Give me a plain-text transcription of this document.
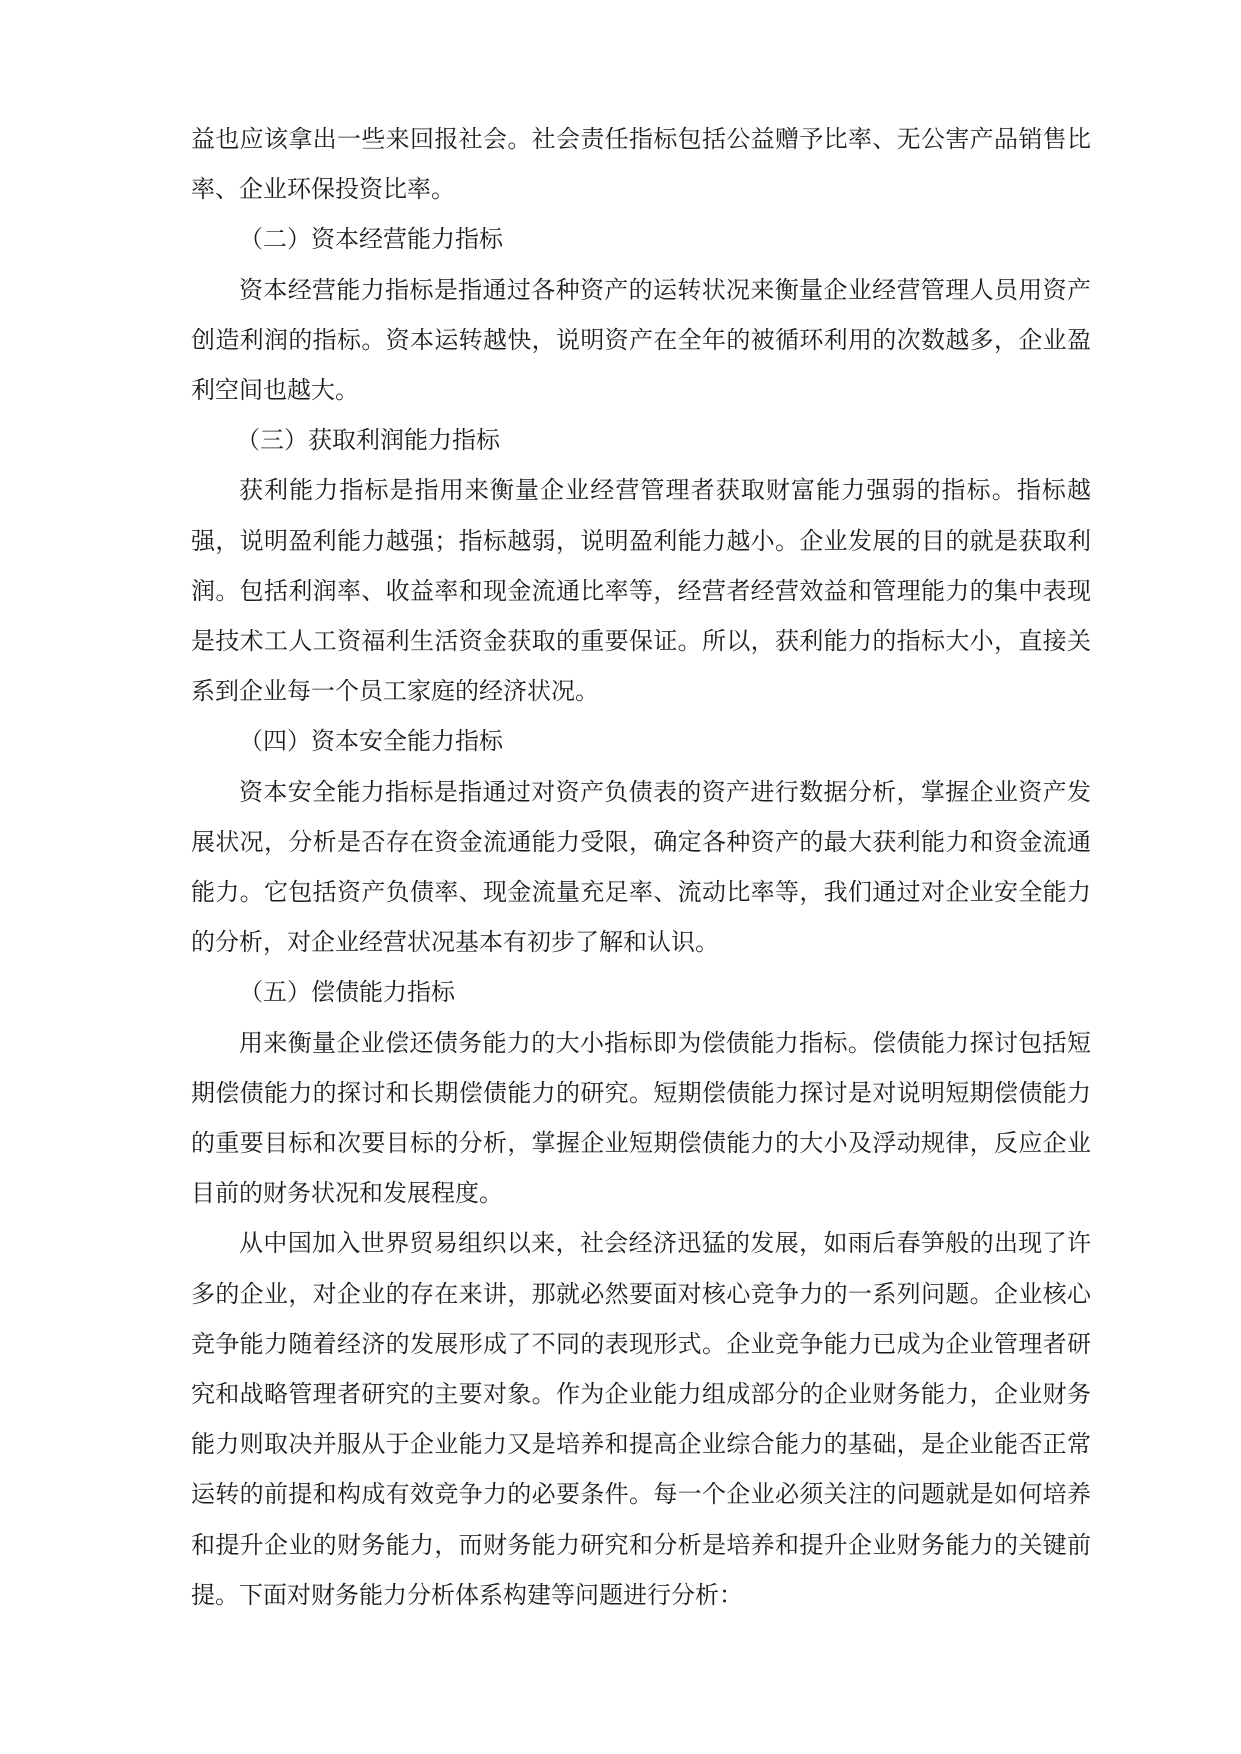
益也应该拿出一些来回报社会。社会责任指标包括公益赠予比率、无公害产品销售比率、企业环保投资比率。

（二）资本经营能力指标

资本经营能力指标是指通过各种资产的运转状况来衡量企业经营管理人员用资产创造利润的指标。资本运转越快，说明资产在全年的被循环利用的次数越多，企业盈利空间也越大。

（三）获取利润能力指标

获利能力指标是指用来衡量企业经营管理者获取财富能力强弱的指标。指标越强，说明盈利能力越强；指标越弱，说明盈利能力越小。企业发展的目的就是获取利润。包括利润率、收益率和现金流通比率等，经营者经营效益和管理能力的集中表现是技术工人工资福利生活资金获取的重要保证。所以，获利能力的指标大小，直接关系到企业每一个员工家庭的经济状况。

（四）资本安全能力指标

资本安全能力指标是指通过对资产负债表的资产进行数据分析，掌握企业资产发展状况，分析是否存在资金流通能力受限，确定各种资产的最大获利能力和资金流通能力。它包括资产负债率、现金流量充足率、流动比率等，我们通过对企业安全能力的分析，对企业经营状况基本有初步了解和认识。

（五）偿债能力指标

用来衡量企业偿还债务能力的大小指标即为偿债能力指标。偿债能力探讨包括短期偿债能力的探讨和长期偿债能力的研究。短期偿债能力探讨是对说明短期偿债能力的重要目标和次要目标的分析，掌握企业短期偿债能力的大小及浮动规律，反应企业目前的财务状况和发展程度。

从中国加入世界贸易组织以来，社会经济迅猛的发展，如雨后春笋般的出现了许多的企业，对企业的存在来讲，那就必然要面对核心竞争力的一系列问题。企业核心竞争能力随着经济的发展形成了不同的表现形式。企业竞争能力已成为企业管理者研究和战略管理者研究的主要对象。作为企业能力组成部分的企业财务能力，企业财务能力则取决并服从于企业能力又是培养和提高企业综合能力的基础，是企业能否正常运转的前提和构成有效竞争力的必要条件。每一个企业必须关注的问题就是如何培养和提升企业的财务能力，而财务能力研究和分析是培养和提升企业财务能力的关键前提。下面对财务能力分析体系构建等问题进行分析：
